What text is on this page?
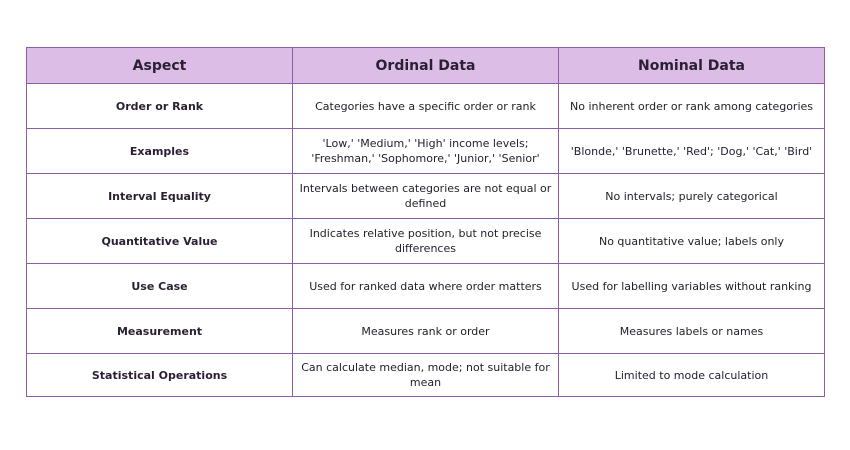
Aspect	Ordinal Data	Nominal Data
Order or Rank	Categories have a specific order or rank	No inherent order or rank among categories
Examples	'Low,' 'Medium,' 'High' income levels; 'Freshman,' 'Sophomore,' 'Junior,' 'Senior'	'Blonde,' 'Brunette,' 'Red'; 'Dog,' 'Cat,' 'Bird'
Interval Equality	Intervals between categories are not equal or defined	No intervals; purely categorical
Quantitative Value	Indicates relative position, but not precise differences	No quantitative value; labels only
Use Case	Used for ranked data where order matters	Used for labelling variables without ranking
Measurement	Measures rank or order	Measures labels or names
Statistical Operations	Can calculate median, mode; not suitable for mean	Limited to mode calculation
